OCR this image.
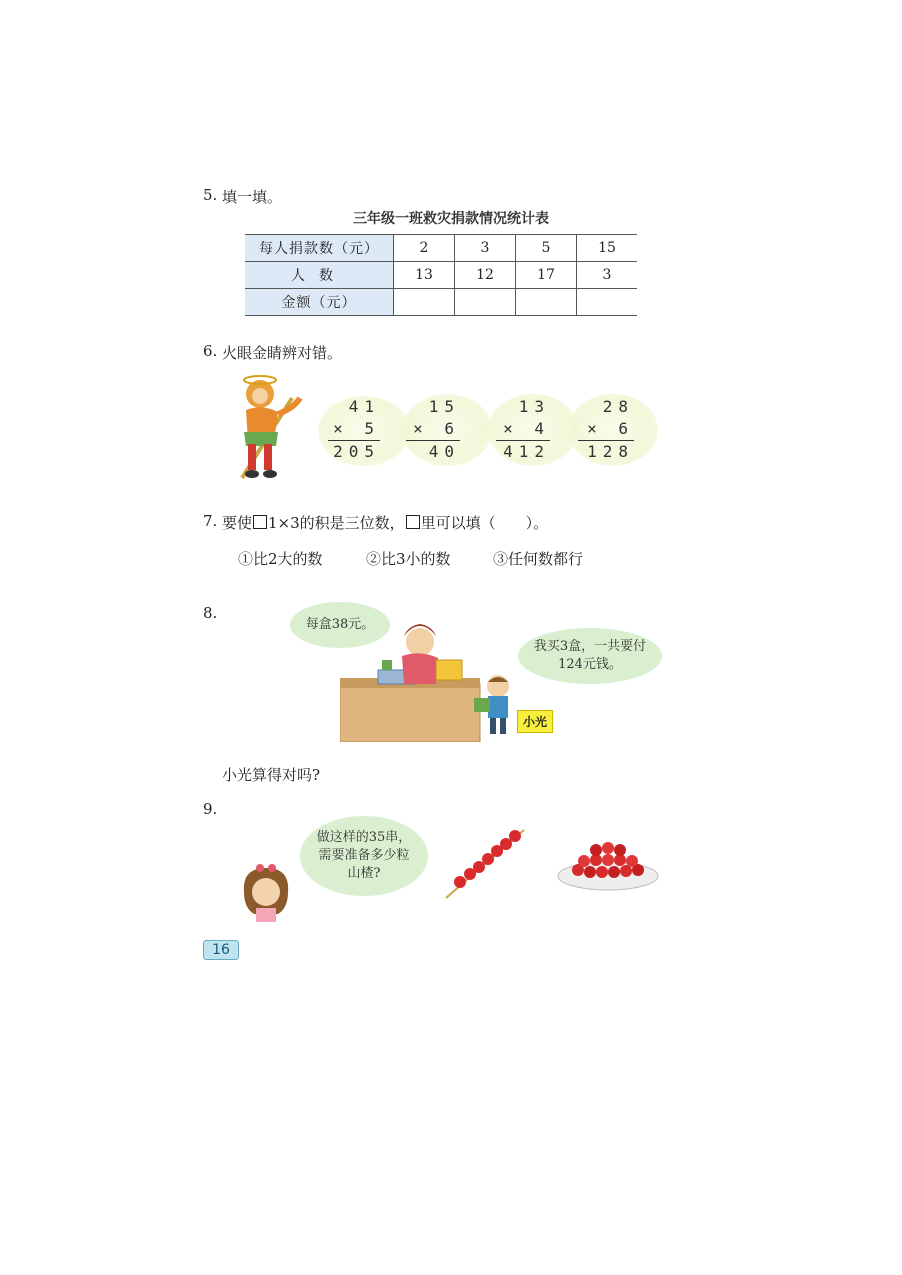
5. 填一填。
三年级一班救灾捐款情况统计表
每人捐款数（元）	2	3	5	15
人数	13	12	17	3
金额（元）				
6. 火眼金睛辨对错。
41
× 5
205
15
× 6
40
13
× 4
412
28
× 6
128
7. 要使 1×3的积是三位数， 里可以填（　　）。
①比2大的数	②比3小的数	③任何数都行
8.
每盒38元。
我买3盒，一共要付124元钱。
小光
小光算得对吗?
9.
做这样的35串，需要准备多少粒山楂?
16
